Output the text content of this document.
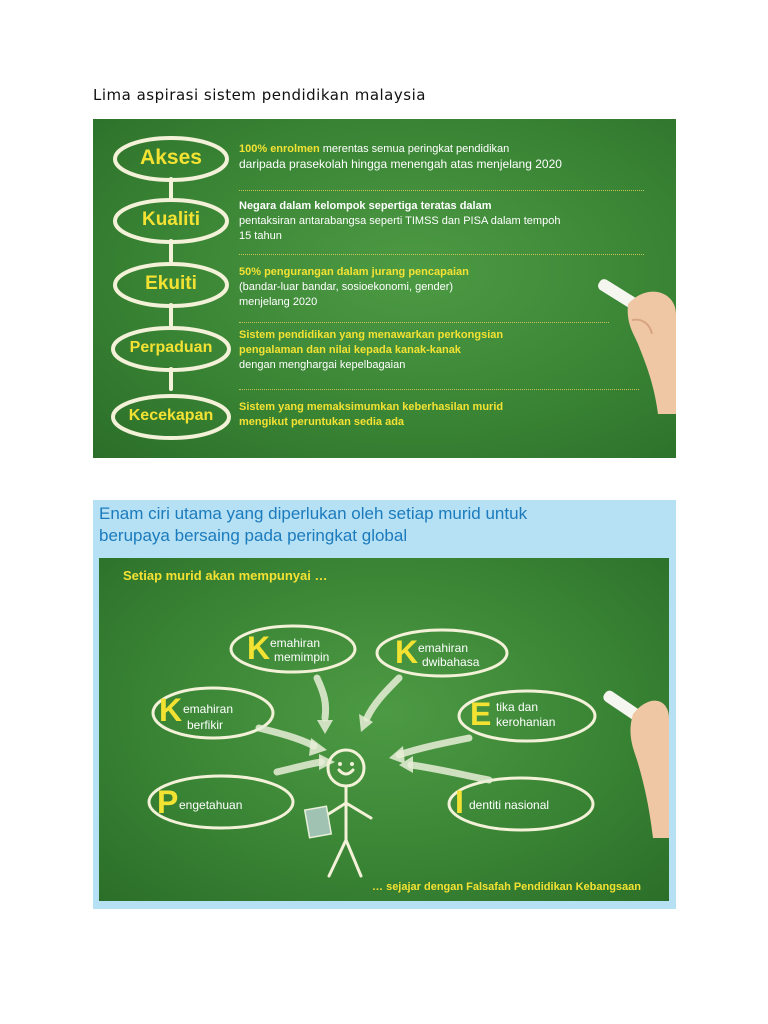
Lima aspirasi sistem pendidikan malaysia
Akses
Kualiti
Ekuiti
Perpaduan
Kecekapan
100% enrolmen merentas semua peringkat pendidikan
daripada prasekolah hingga menengah atas menjelang 2020
Negara dalam kelompok sepertiga teratas dalam
pentaksiran antarabangsa seperti TIMSS dan PISA dalam tempoh
15 tahun
50% pengurangan dalam jurang pencapaian
(bandar-luar bandar, sosioekonomi, gender)
menjelang 2020
Sistem pendidikan yang menawarkan perkongsian
pengalaman dan nilai kepada kanak-kanak
dengan menghargai kepelbagaian
Sistem yang memaksimumkan keberhasilan murid
mengikut peruntukan sedia ada
Enam ciri utama yang diperlukan oleh setiap murid untuk
berupaya bersaing pada peringkat global
Setiap murid akan mempunyai …
K emahiran
memimpin K emahiran
dwibahasa
K emahiran
berfikir	E tika dan
kerohanian
P engetahuan	I dentiti nasional
… sejajar dengan Falsafah Pendidikan Kebangsaan
